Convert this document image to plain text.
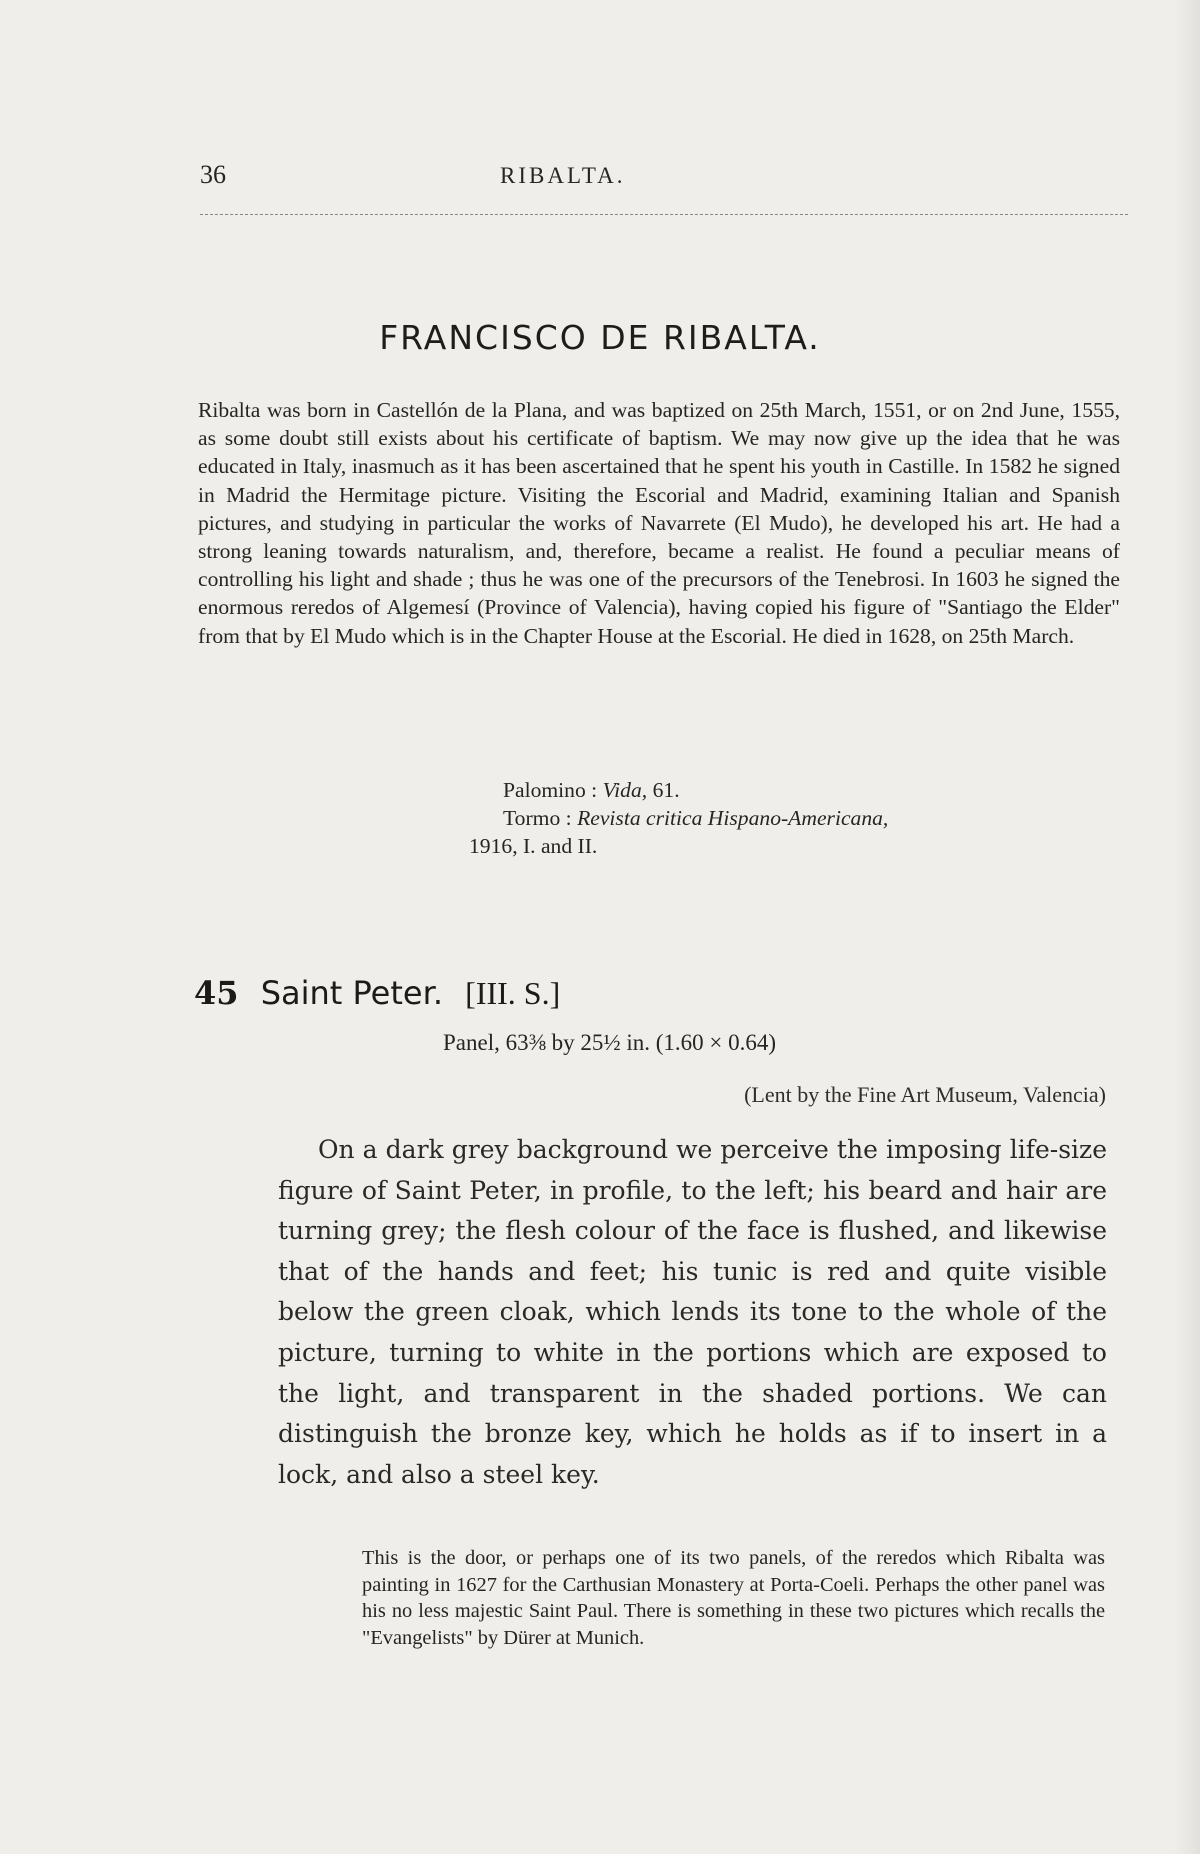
36	RIBALTA.
FRANCISCO DE RIBALTA.

Ribalta was born in Castellón de la Plana, and was baptized on 25th March, 1551, or on 2nd June, 1555, as some doubt still exists about his certificate of baptism. We may now give up the idea that he was educated in Italy, inasmuch as it has been ascertained that he spent his youth in Castille. In 1582 he signed in Madrid the Hermitage picture. Visiting the Escorial and Madrid, examining Italian and Spanish pictures, and studying in particular the works of Navarrete (El Mudo), he developed his art. He had a strong leaning towards naturalism, and, therefore, became a realist. He found a peculiar means of controlling his light and shade ; thus he was one of the precursors of the Tenebrosi. In 1603 he signed the enormous reredos of Algemesí (Province of Valencia), having copied his figure of "Santiago the Elder" from that by El Mudo which is in the Chapter House at the Escorial. He died in 1628, on 25th March.

Palomino : Vida, 61.
Tormo : Revista critica Hispano-Americana,
1916, I. and II.
45 Saint Peter. [III. S.]
Panel, 63⅜ by 25½ in. (1.60 × 0.64)
(Lent by the Fine Art Museum, Valencia)

On a dark grey background we perceive the imposing life-size figure of Saint Peter, in profile, to the left; his beard and hair are turning grey; the flesh colour of the face is flushed, and likewise that of the hands and feet; his tunic is red and quite visible below the green cloak, which lends its tone to the whole of the picture, turning to white in the portions which are exposed to the light, and transparent in the shaded portions. We can distinguish the bronze key, which he holds as if to insert in a lock, and also a steel key.

This is the door, or perhaps one of its two panels, of the reredos which Ribalta was painting in 1627 for the Carthusian Monastery at Porta-Coeli. Perhaps the other panel was his no less majestic Saint Paul. There is something in these two pictures which recalls the "Evangelists" by Dürer at Munich.
